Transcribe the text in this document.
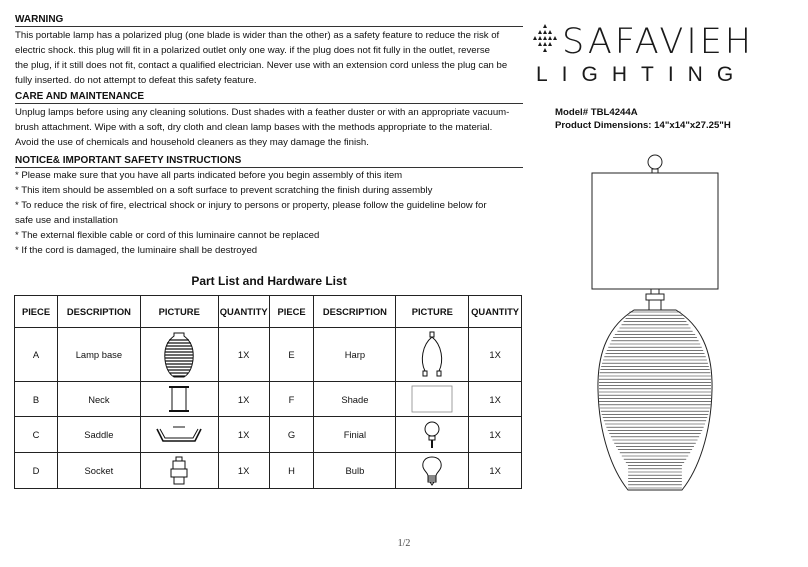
WARNING
This portable lamp has a polarized plug (one blade is wider than the other) as a safety feature to reduce the risk of
electric shock. this plug will fit in a polarized outlet only one way. if the plug does not fit fully in the outlet, reverse
the plug, if it still does not fit, contact a qualified electrician. Never use with an extension cord unless the plug can be
fully inserted. do not attempt to defeat this safety feature.
CARE AND MAINTENANCE
Unplug lamps before using any cleaning solutions. Dust shades with a feather duster or with an appropriate vacuum-
brush attachment. Wipe with a soft, dry cloth and clean lamp bases with the methods appropriate to the material.
Avoid the use of chemicals and household cleaners as they may damage the finish.
NOTICE& IMPORTANT SAFETY INSTRUCTIONS
* Please make sure that you have all parts indicated before you begin assembly of this item
* This item should be assembled on a soft surface to prevent scratching the finish during assembly
* To reduce the risk of fire, electrical shock or injury to persons or property, please follow the guideline below for
safe use and installation
* The external flexible cable or cord of this luminaire cannot be replaced
* If the cord is damaged, the luminaire shall be destroyed
Part List and Hardware List
PIECE	DESCRIPTION	PICTURE	QUANTITY	PIECE	DESCRIPTION	PICTURE	QUANTITY
A	Lamp base		1X	E	Harp		1X
B	Neck		1X	F	Shade		1X
C	Saddle		1X	G	Finial		1X
D	Socket		1X	H	Bulb		1X
SAFAVIEH
LIGHTING
Model# TBL4244A
Product Dimensions: 14"x14"x27.25"H
1/2
